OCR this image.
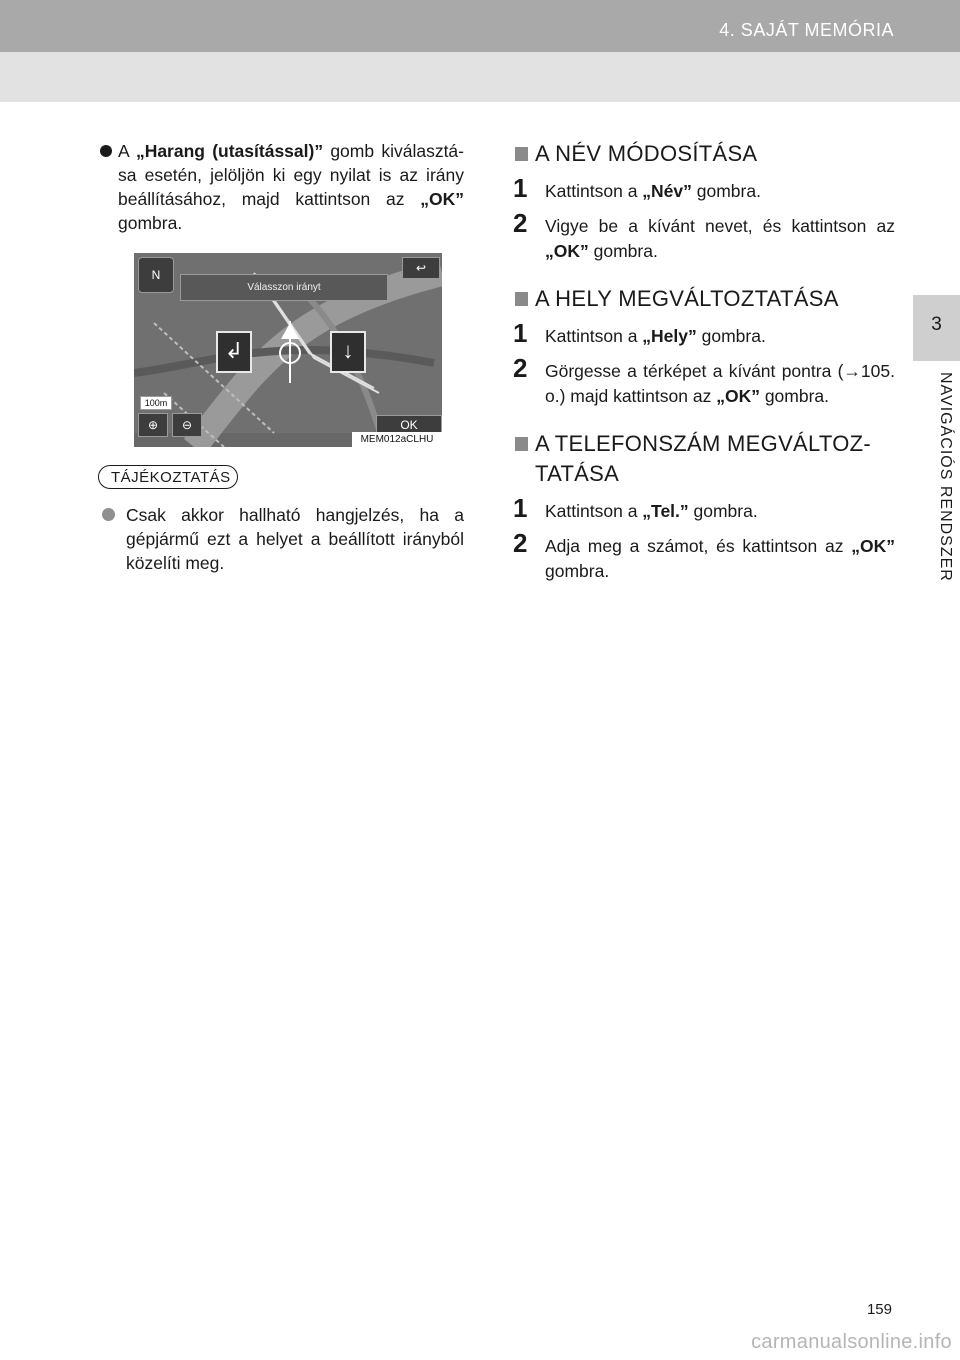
4. SAJÁT MEMÓRIA
3
NAVIGÁCIÓS RENDSZER
A „Harang (utasítással)” gomb kiválasztá-sa esetén, jelöljön ki egy nyilat is az irány beállításához, majd kattintson az „OK” gombra.
N	↩
Válasszon irányt
↲	↓
100m
⊕	⊖	OK
MEM012aCLHU
TÁJÉKOZTATÁS
Csak akkor hallható hangjelzés, ha a gépjármű ezt a helyet a beállított irányból közelíti meg.
A NÉV MÓDOSÍTÁSA
1 Kattintson a „Név” gombra.
2 Vigye be a kívánt nevet, és kattintson az „OK” gombra.
A HELY MEGVÁLTOZTATÁSA
1 Kattintson a „Hely” gombra.
2 Görgesse a térképet a kívánt pontra (→105. o.) majd kattintson az „OK” gombra.
A TELEFONSZÁM MEGVÁLTOZ-TATÁSA
1 Kattintson a „Tel.” gombra.
2 Adja meg a számot, és kattintson az „OK” gombra.
159
carmanualsonline.info
